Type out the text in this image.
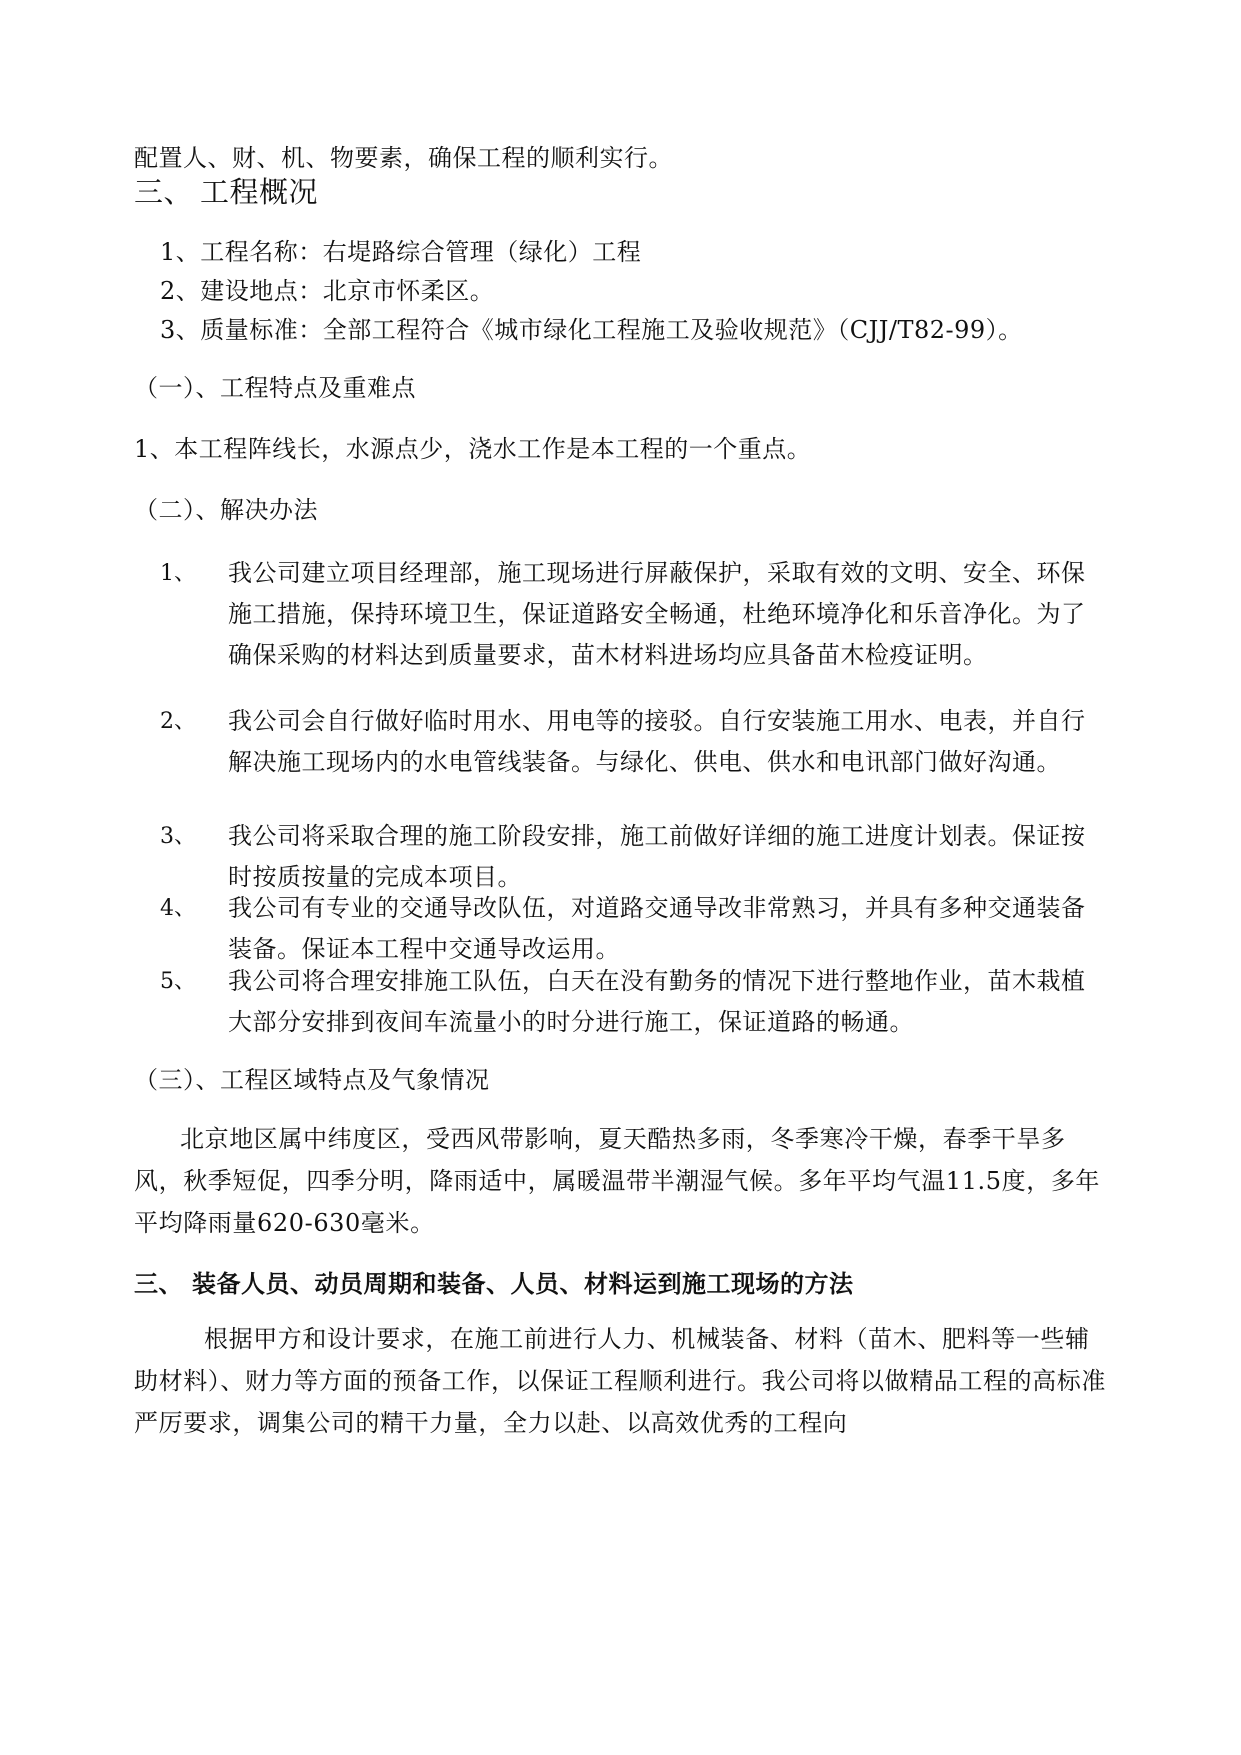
配置人、财、机、物要素，确保工程的顺利实行。
三、 工程概况
1、工程名称：右堤路综合管理（绿化）工程
2、建设地点：北京市怀柔区。
3、质量标准：全部工程符合《城市绿化工程施工及验收规范》（CJJ/T82-99）。
（一）、工程特点及重难点
1、本工程阵线长，水源点少，浇水工作是本工程的一个重点。
（二）、解决办法
1、 我公司建立项目经理部，施工现场进行屏蔽保护，采取有效的文明、安全、环保施工措施，保持环境卫生，保证道路安全畅通，杜绝环境净化和乐音净化。为了确保采购的材料达到质量要求，苗木材料进场均应具备苗木检疫证明。
2、 我公司会自行做好临时用水、用电等的接驳。自行安装施工用水、电表，并自行解决施工现场内的水电管线装备。与绿化、供电、供水和电讯部门做好沟通。
3、 我公司将采取合理的施工阶段安排，施工前做好详细的施工进度计划表。保证按时按质按量的完成本项目。
4、 我公司有专业的交通导改队伍，对道路交通导改非常熟习，并具有多种交通装备装备。保证本工程中交通导改运用。
5、 我公司将合理安排施工队伍，白天在没有勤务的情况下进行整地作业，苗木栽植大部分安排到夜间车流量小的时分进行施工，保证道路的畅通。
（三）、工程区域特点及气象情况
北京地区属中纬度区，受西风带影响，夏天酷热多雨，冬季寒冷干燥，春季干旱多风，秋季短促，四季分明，降雨适中，属暖温带半潮湿气候。多年平均气温11.5度，多年平均降雨量620-630毫米。
三、 装备人员、动员周期和装备、人员、材料运到施工现场的方法
根据甲方和设计要求，在施工前进行人力、机械装备、材料（苗木、肥料等一些辅助材料）、财力等方面的预备工作，以保证工程顺利进行。我公司将以做精品工程的高标准严厉要求，调集公司的精干力量，全力以赴、以高效优秀的工程向
